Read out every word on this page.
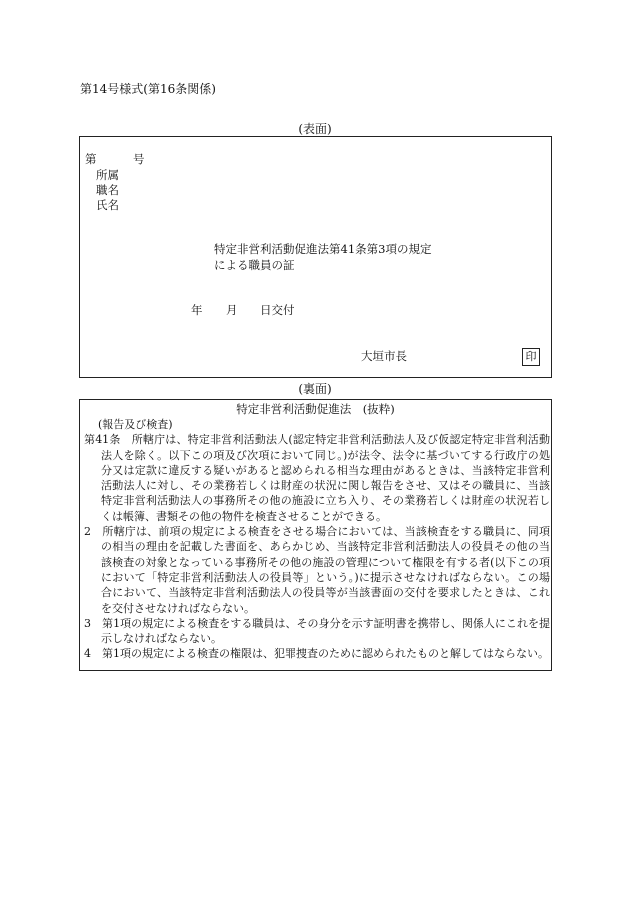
第14号様式(第16条関係)
(表面)
第	号
所属
職名
氏名
特定非営利活動促進法第41条第3項の規定
による職員の証
年 月 日交付
大垣市長	印
(裏面)
特定非営利活動促進法　(抜粋)
(報告及び検査)
第41条　所轄庁は、特定非営利活動法人(認定特定非営利活動法人及び仮認定特定非営利活動法人を除く。以下この項及び次項において同じ。)が法令、法令に基づいてする行政庁の処分又は定款に違反する疑いがあると認められる相当な理由があるときは、当該特定非営利活動法人に対し、その業務若しくは財産の状況に関し報告をさせ、又はその職員に、当該特定非営利活動法人の事務所その他の施設に立ち入り、その業務若しくは財産の状況若しくは帳簿、書類その他の物件を検査させることができる。
2　所轄庁は、前項の規定による検査をさせる場合においては、当該検査をする職員に、同項の相当の理由を記載した書面を、あらかじめ、当該特定非営利活動法人の役員その他の当該検査の対象となっている事務所その他の施設の管理について権限を有する者(以下この項において「特定非営利活動法人の役員等」という。)に提示させなければならない。この場合において、当該特定非営利活動法人の役員等が当該書面の交付を要求したときは、これを交付させなければならない。
3　第1項の規定による検査をする職員は、その身分を示す証明書を携帯し、関係人にこれを提示しなければならない。
4　第1項の規定による検査の権限は、犯罪捜査のために認められたものと解してはならない。
